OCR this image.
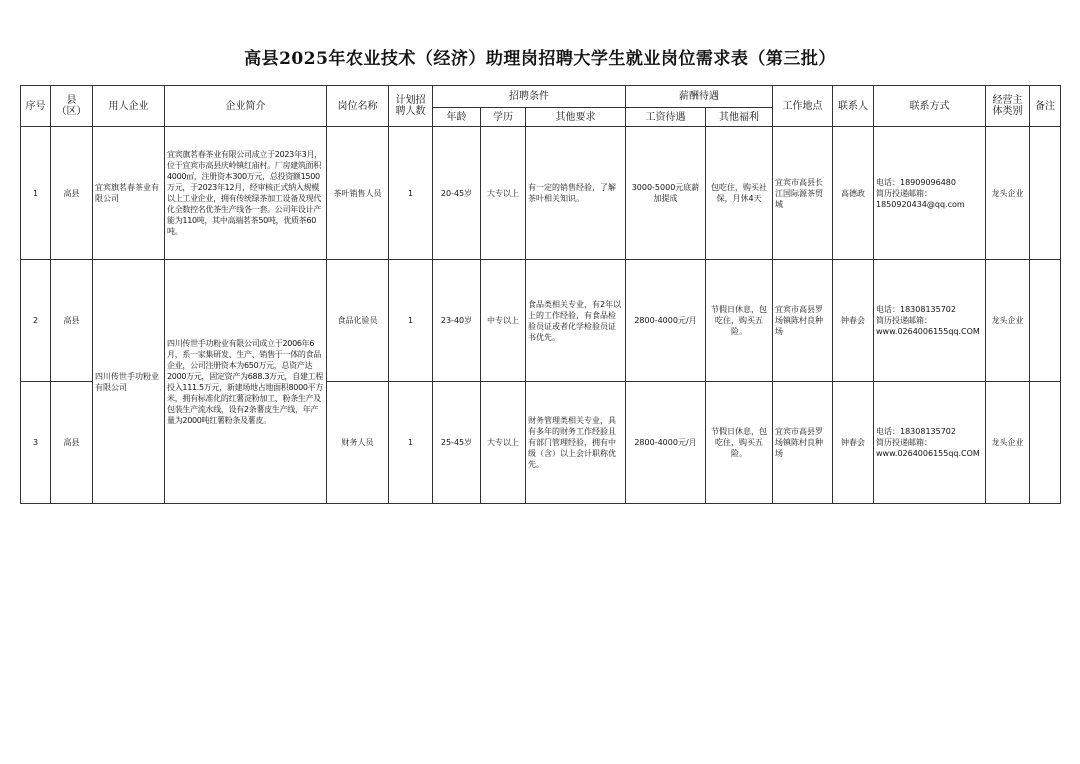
高县2025年农业技术（经济）助理岗招聘大学生就业岗位需求表（第三批）
序号	县
（区）	用人企业	企业简介	岗位名称	计划招
聘人数	招聘条件			薪酬待遇		工作地点	联系人	联系方式	经营主
体类别	备注
						年龄	学历	其他要求	工资待遇	其他福利					
1	高县	宜宾旗茗春茶业有限公司	宜宾旗茗春茶业有限公司成立于2023年3月，位于宜宾市高县庆岭镇红庙村。厂房建筑面积4000㎡，注册资本300万元，总投资额1500万元，于2023年12月，经审核正式纳入规模以上工业企业，拥有传统绿茶加工设备及现代化全数控名优茶生产线各一套。公司年设计产能为110吨，其中高端茗茶50吨，优质茶60吨。	茶叶销售人员	1	20-45岁	大专以上	有一定的销售经验，了解茶叶相关知识。	3000-5000元底薪加提成	包吃住，购买社保，月休4天	宜宾市高县长江国际源茶贸城	高德政	电话：18909096480
简历投递邮箱：
1850920434@qq.com	龙头企业	
2	高县	四川传世手功粉业有限公司	四川传世手功粉业有限公司成立于2006年6月，系一家集研发、生产、销售于一体的食品企业，公司注册资本为650万元，总资产达2000万元，固定资产为688.3万元，自建工程投入111.5万元，新建场地占地面积8000平方米，拥有标准化的红薯淀粉加工、粉条生产及包装生产流水线，设有2条薯皮生产线，年产量为2000吨红薯粉条及薯皮。	食品化验员	1	23-40岁	中专以上	食品类相关专业，有2年以上的工作经验，有食品检验员证或者化学检验员证书优先。	2800-4000元/月	节假日休息，包吃住，购买五险。	宜宾市高县罗场镇陈村良种场	钟春会	电话：18308135702
简历投递邮箱：
www.0264006155qq.COM	龙头企业	
3	高县			财务人员	1	25-45岁	大专以上	财务管理类相关专业，具有多年的财务工作经验且有部门管理经验，拥有中级（含）以上会计职称优先。	2800-4000元/月	节假日休息，包吃住，购买五险。	宜宾市高县罗场镇陈村良种场	钟春会	电话：18308135702
简历投递邮箱：
www.0264006155qq.COM	龙头企业	
